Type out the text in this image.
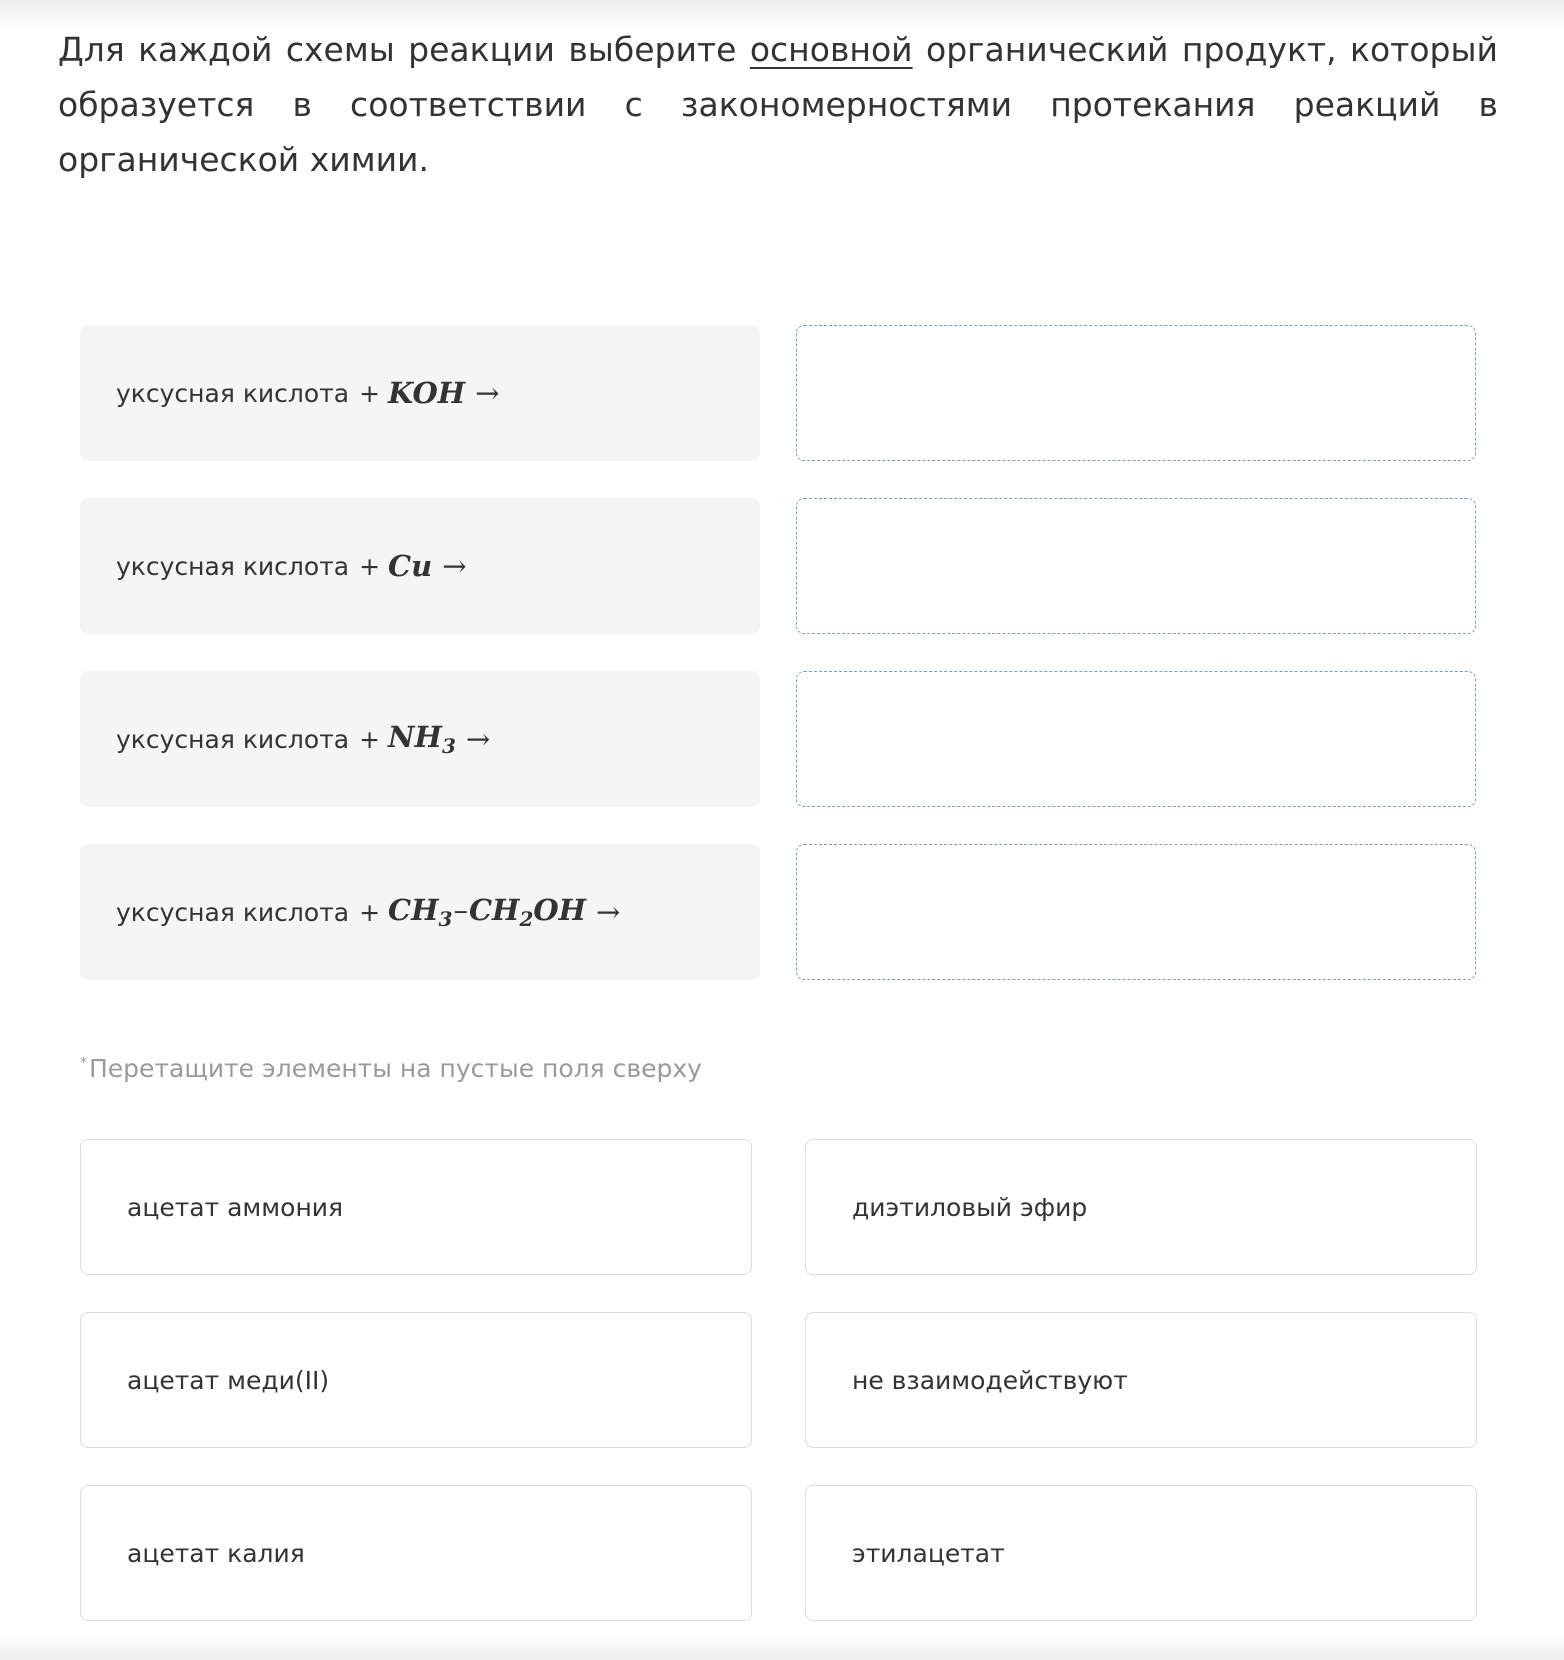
Для каждой схемы реакции выберите основной органический продукт, который образуется в соответствии с закономерностями протекания реакций в органической химии.

уксусная кислота + KOH →
уксусная кислота + Cu →
уксусная кислота + $NH_3$ →
уксусная кислота + $CH_3-CH_2OH$ →
*Перетащите элементы на пустые поля сверху
ацетат аммония	диэтиловый эфир
ацетат меди(II)	не взаимодействуют
ацетат калия	этилацетат
